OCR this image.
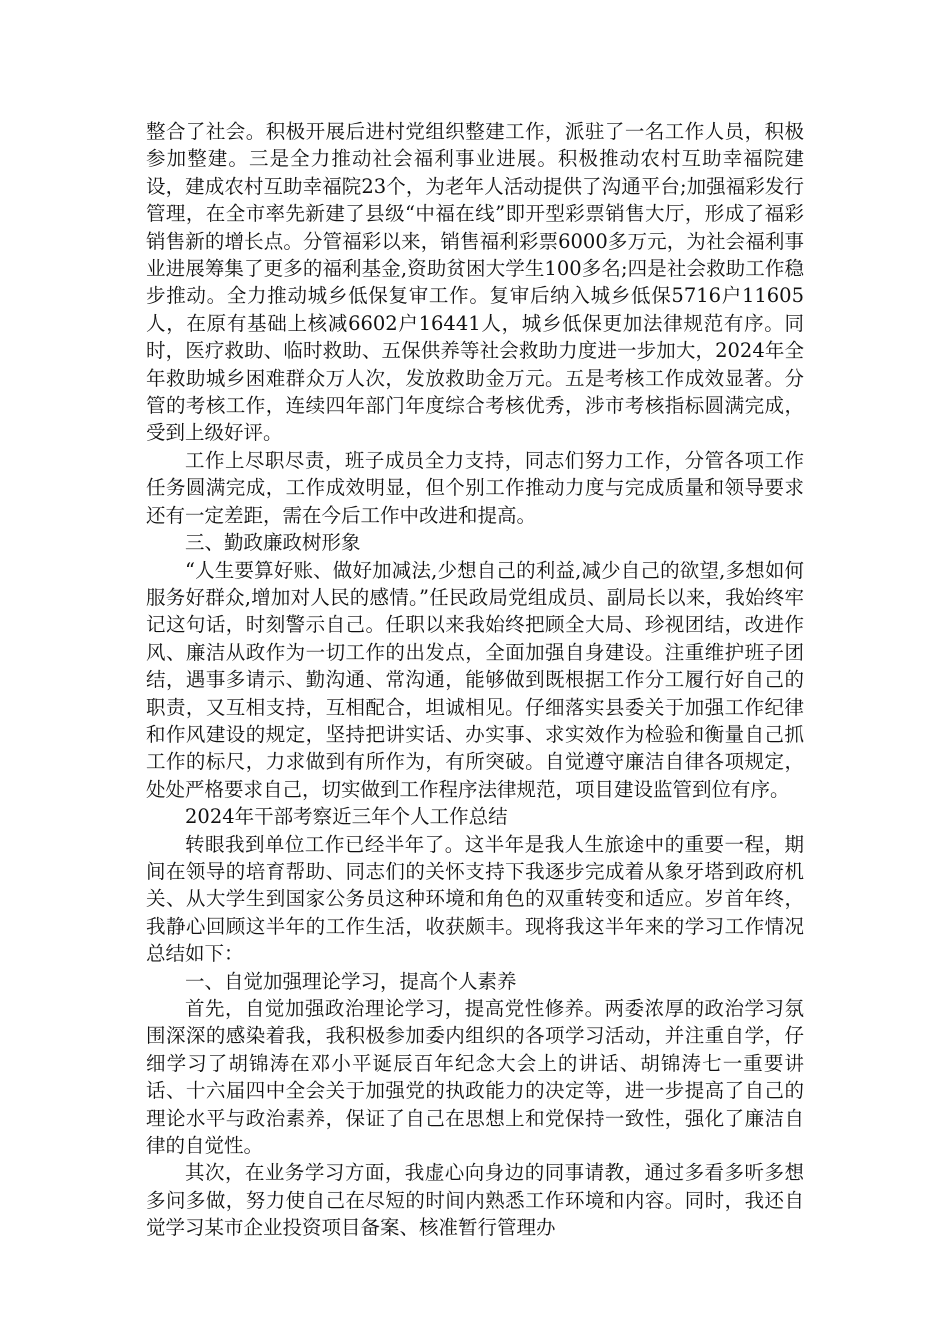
整合了社会。积极开展后进村党组织整建工作，派驻了一名工作人员，积极参加整建。三是全力推动社会福利事业进展。积极推动农村互助幸福院建设，建成农村互助幸福院23个，为老年人活动提供了沟通平台;加强福彩发行管理，在全市率先新建了县级“中福在线”即开型彩票销售大厅，形成了福彩销售新的增长点。分管福彩以来，销售福利彩票6000多万元，为社会福利事业进展筹集了更多的福利基金,资助贫困大学生100多名;四是社会救助工作稳步推动。全力推动城乡低保复审工作。复审后纳入城乡低保5716户11605人，在原有基础上核减6602户16441人，城乡低保更加法律规范有序。同时，医疗救助、临时救助、五保供养等社会救助力度进一步加大，2024年全年救助城乡困难群众万人次，发放救助金万元。五是考核工作成效显著。分管的考核工作，连续四年部门年度综合考核优秀，涉市考核指标圆满完成，受到上级好评。

工作上尽职尽责，班子成员全力支持，同志们努力工作，分管各项工作任务圆满完成，工作成效明显，但个别工作推动力度与完成质量和领导要求还有一定差距，需在今后工作中改进和提高。

三、勤政廉政树形象

“人生要算好账、做好加减法,少想自己的利益,减少自己的欲望,多想如何服务好群众,增加对人民的感情。”任民政局党组成员、副局长以来，我始终牢记这句话，时刻警示自己。任职以来我始终把顾全大局、珍视团结，改进作风、廉洁从政作为一切工作的出发点，全面加强自身建设。注重维护班子团结，遇事多请示、勤沟通、常沟通，能够做到既根据工作分工履行好自己的职责，又互相支持，互相配合，坦诚相见。仔细落实县委关于加强工作纪律和作风建设的规定，坚持把讲实话、办实事、求实效作为检验和衡量自己抓工作的标尺，力求做到有所作为，有所突破。自觉遵守廉洁自律各项规定，处处严格要求自己，切实做到工作程序法律规范，项目建设监管到位有序。

2024年干部考察近三年个人工作总结

转眼我到单位工作已经半年了。这半年是我人生旅途中的重要一程，期间在领导的培育帮助、同志们的关怀支持下我逐步完成着从象牙塔到政府机关、从大学生到国家公务员这种环境和角色的双重转变和适应。岁首年终，我静心回顾这半年的工作生活，收获颇丰。现将我这半年来的学习工作情况总结如下：

一、自觉加强理论学习，提高个人素养

首先，自觉加强政治理论学习，提高党性修养。两委浓厚的政治学习氛围深深的感染着我，我积极参加委内组织的各项学习活动，并注重自学，仔细学习了胡锦涛在邓小平诞辰百年纪念大会上的讲话、胡锦涛七一重要讲话、十六届四中全会关于加强党的执政能力的决定等，进一步提高了自己的理论水平与政治素养，保证了自己在思想上和党保持一致性，强化了廉洁自律的自觉性。

其次，在业务学习方面，我虚心向身边的同事请教，通过多看多听多想多问多做，努力使自己在尽短的时间内熟悉工作环境和内容。同时，我还自觉学习某市企业投资项目备案、核准暂行管理办
